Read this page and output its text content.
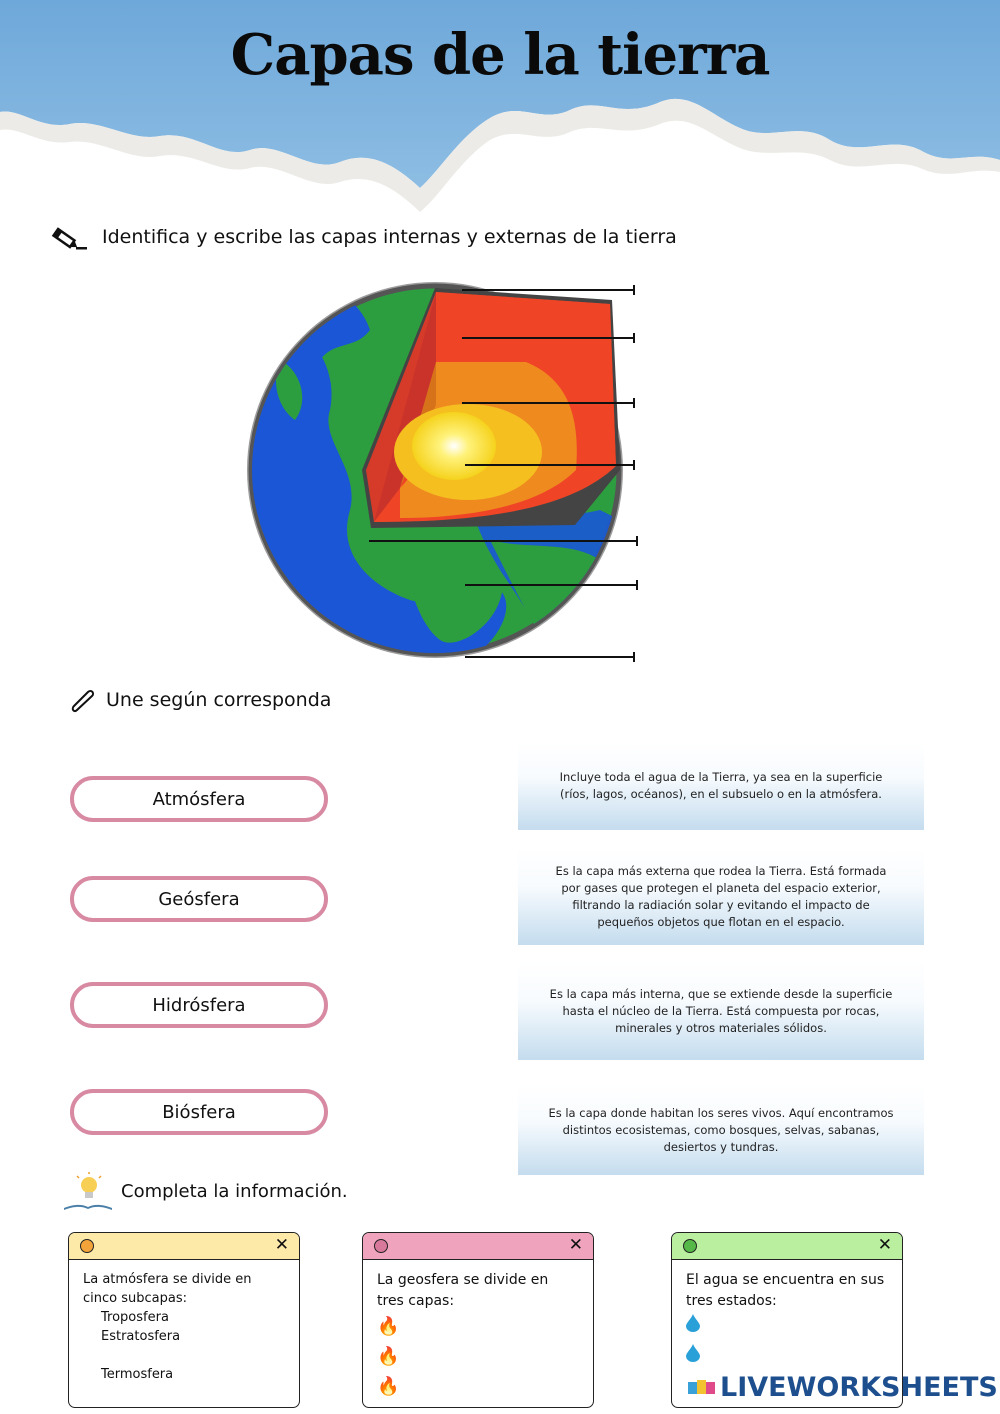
Capas de la tierra
Identifica y escribe las capas internas y externas de la tierra
Une según corresponda
Atmósfera
Geósfera
Hidrósfera
Biósfera
Incluye toda el agua de la Tierra, ya sea en la superficie (ríos, lagos, océanos), en el subsuelo o en la atmósfera.
Es la capa más externa que rodea la Tierra. Está formada por gases que protegen el planeta del espacio exterior, filtrando la radiación solar y evitando el impacto de pequeños objetos que flotan en el espacio.
Es la capa más interna, que se extiende desde la superficie hasta el núcleo de la Tierra. Está compuesta por rocas, minerales y otros materiales sólidos.
Es la capa donde habitan los seres vivos. Aquí encontramos distintos ecosistemas, como bosques, selvas, sabanas, desiertos y tundras.
Completa la información.
✕
La atmósfera se divide en cinco subcapas:
Troposfera
Estratosfera
Termosfera
✕
La geosfera se divide en tres capas:
🔥
🔥
🔥
✕
El agua se encuentra en sus tres estados:
LIVEWORKSHEETS
